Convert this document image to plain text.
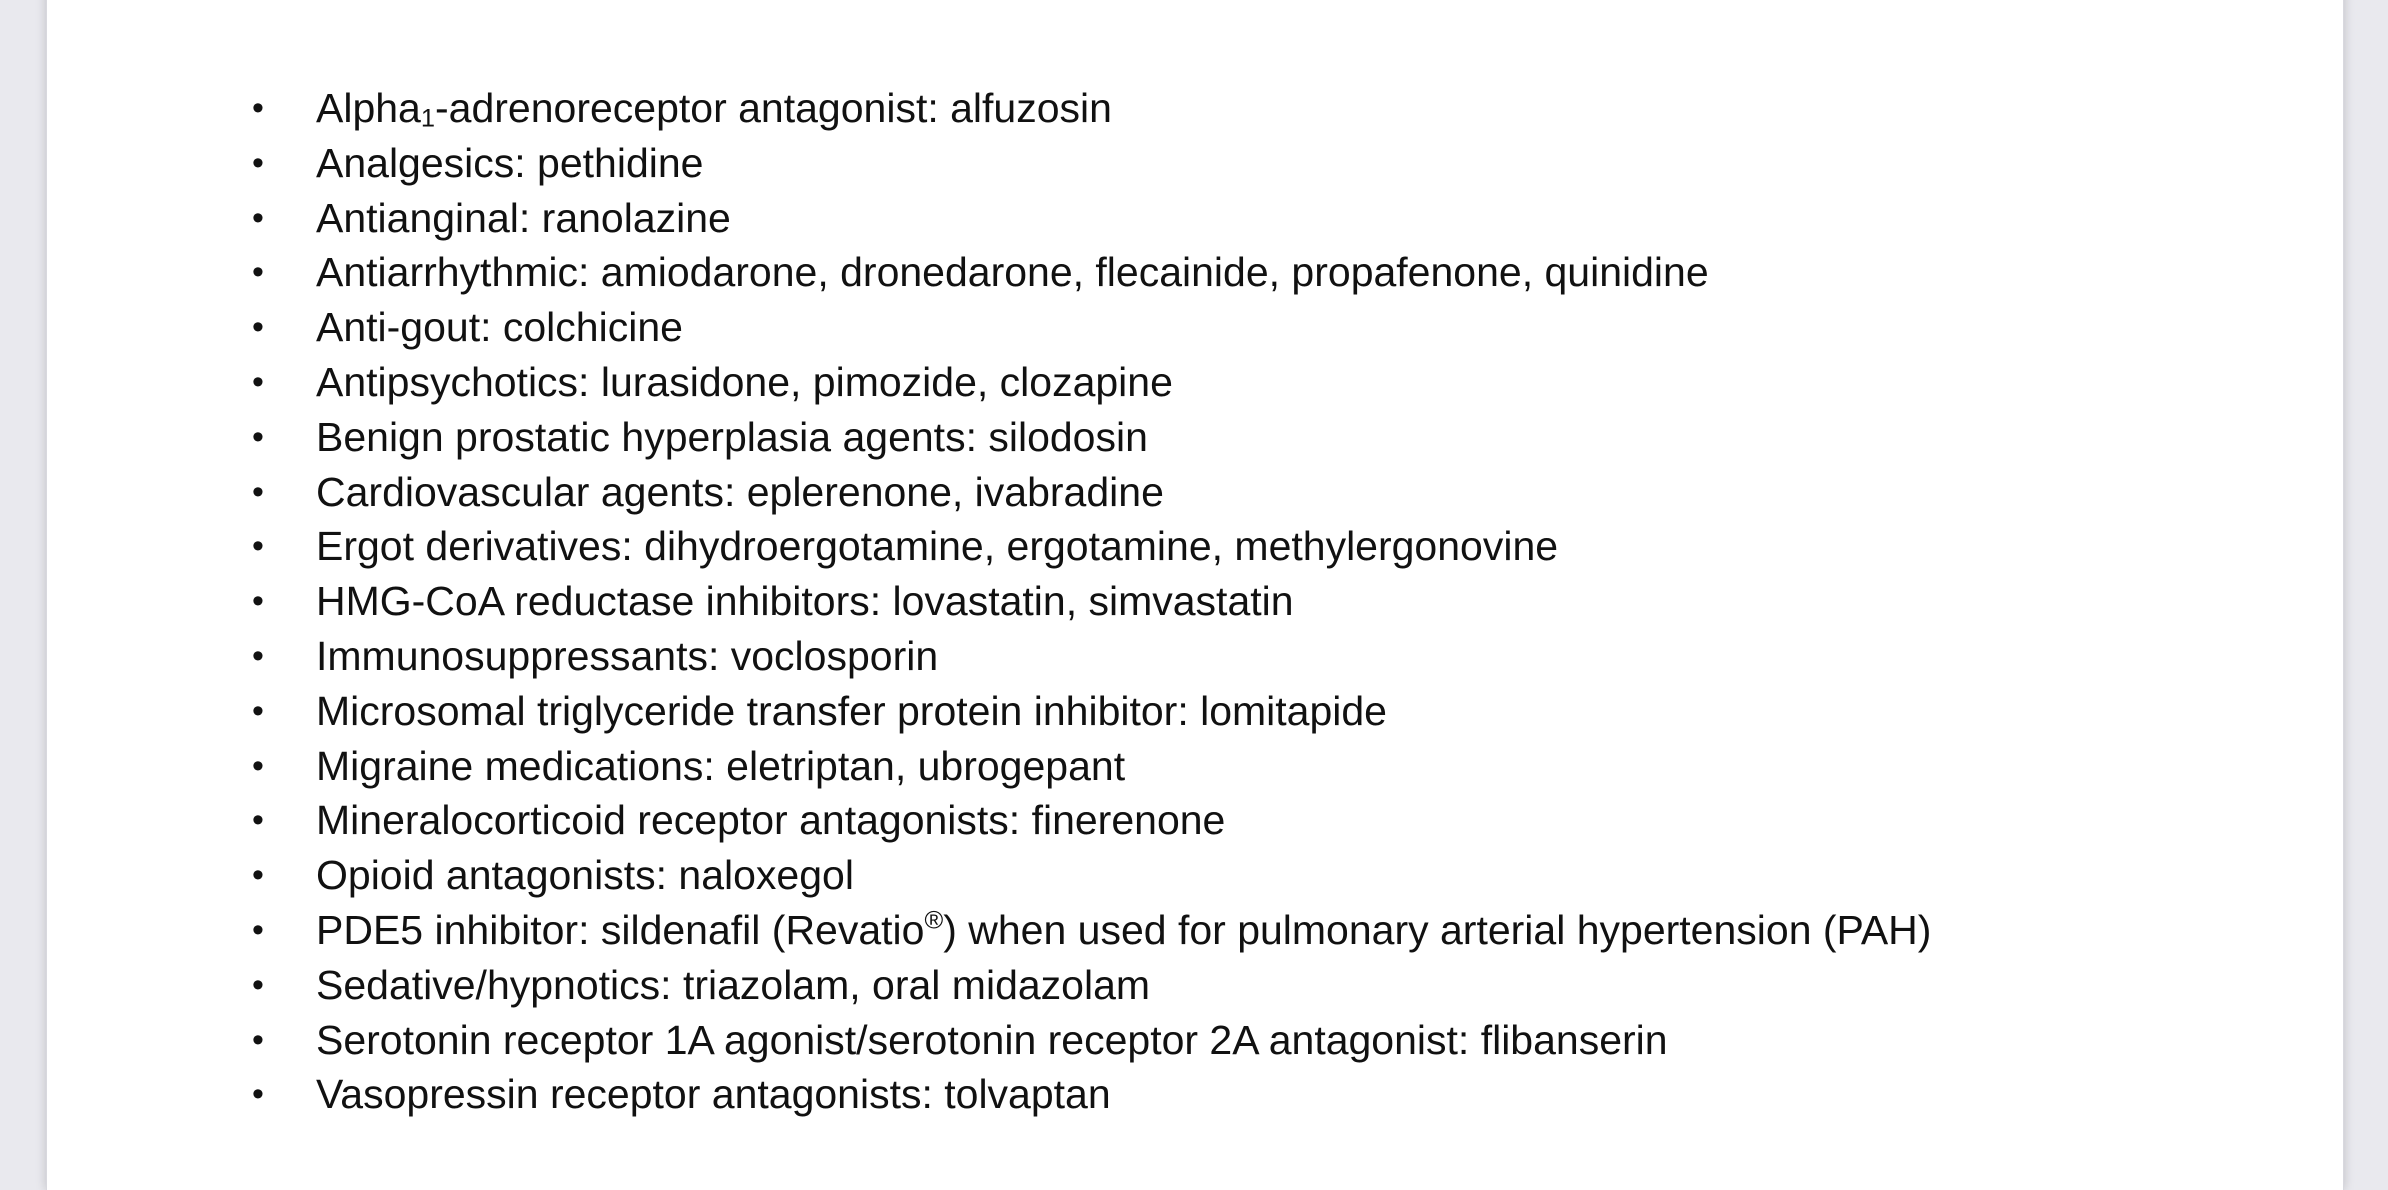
• Alpha$_1$-adrenoreceptor antagonist: alfuzosin
• Analgesics: pethidine
• Antianginal: ranolazine
• Antiarrhythmic: amiodarone, dronedarone, flecainide, propafenone, quinidine
• Anti-gout: colchicine
• Antipsychotics: lurasidone, pimozide, clozapine
• Benign prostatic hyperplasia agents: silodosin
• Cardiovascular agents: eplerenone, ivabradine
• Ergot derivatives: dihydroergotamine, ergotamine, methylergonovine
• HMG-CoA reductase inhibitors: lovastatin, simvastatin
• Immunosuppressants: voclosporin
• Microsomal triglyceride transfer protein inhibitor: lomitapide
• Migraine medications: eletriptan, ubrogepant
• Mineralocorticoid receptor antagonists: finerenone
• Opioid antagonists: naloxegol
• PDE5 inhibitor: sildenafil (Revatio®) when used for pulmonary arterial hypertension (PAH)
• Sedative/hypnotics: triazolam, oral midazolam
• Serotonin receptor 1A agonist/serotonin receptor 2A antagonist: flibanserin
• Vasopressin receptor antagonists: tolvaptan
